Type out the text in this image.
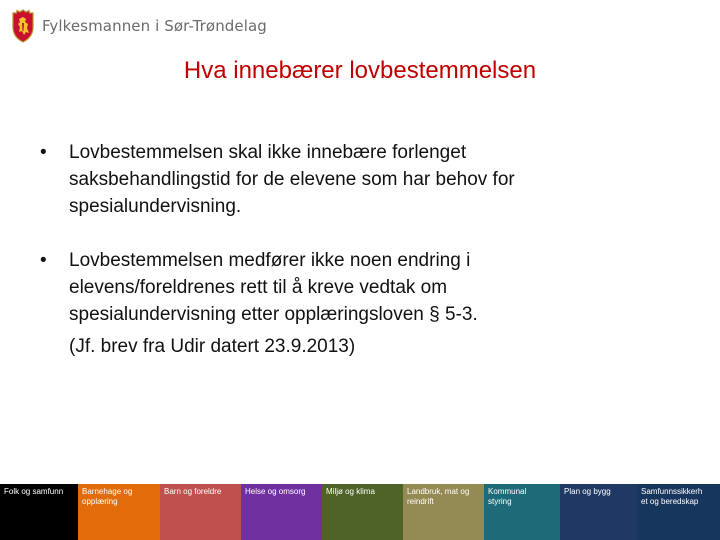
Fylkesmannen i Sør-Trøndelag
Hva innebærer lovbestemmelsen
• Lovbestemmelsen skal ikke innebære forlenget
saksbehandlingstid for de elevene som har behov for
spesialundervisning.
• Lovbestemmelsen medfører ikke noen endring i
elevens/foreldrenes rett til å kreve vedtak om
spesialundervisning etter opplæringsloven § 5-3.
(Jf. brev fra Udir datert 23.9.2013)
Folk og samfunn	Barnehage og
opplæring
Barn og foreldre	Helse og omsorg	Miljø og klima	Landbruk, mat og
reindrift
Kommunal
styring
Plan og bygg	Samfunnssikkerh
et og beredskap
